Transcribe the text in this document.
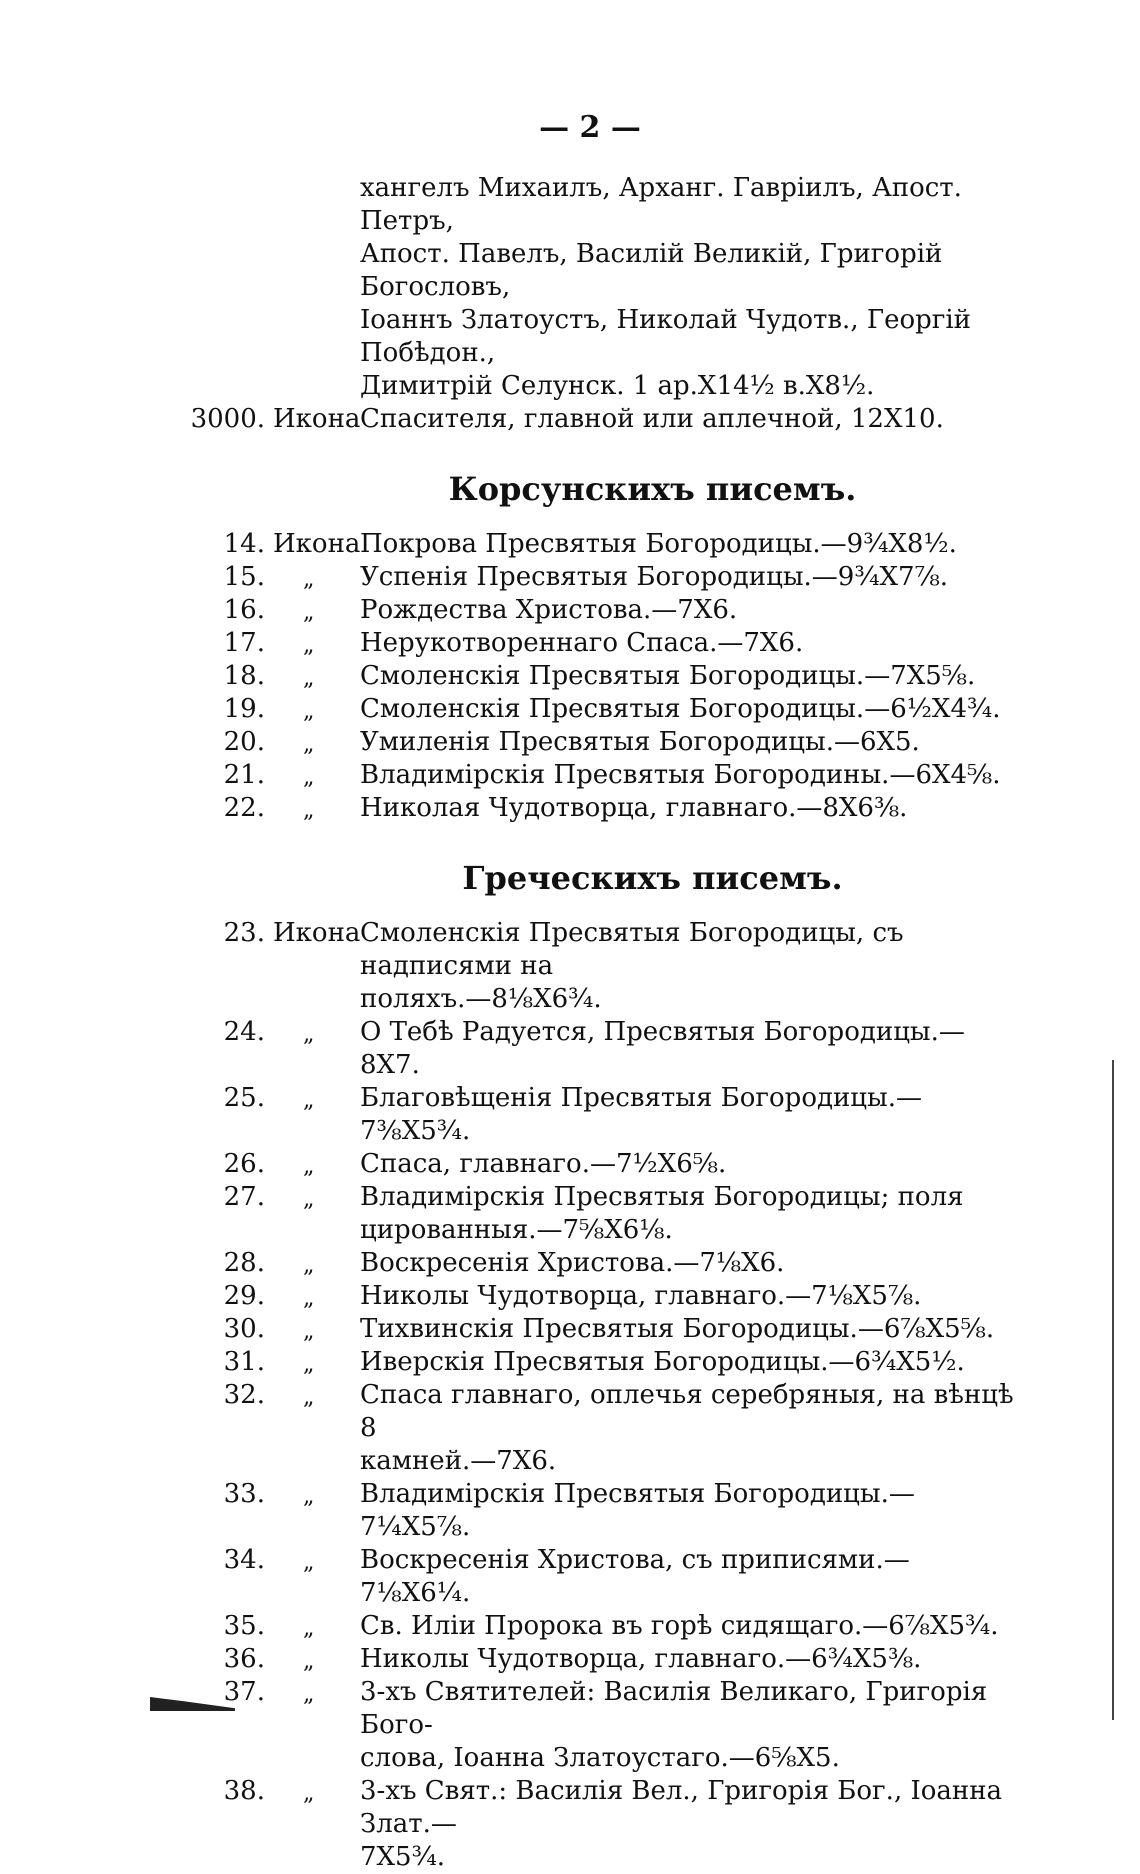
— 2 —
хангелъ Михаилъ, Арханг. Гавріилъ, Апост. Петръ,
Апост. Павелъ, Василій Великій, Григорій Богословъ,
Іоаннъ Златоустъ, Николай Чудотв., Георгій Побѣдон.,
Димитрій Селунск. 1 ар.X14½ в.X8½.
3000. Икона Спасителя, главной или аплечной, 12X10.
Корсунскихъ писемъ.
14. Икона Покрова Пресвятыя Богородицы.—9¾X8½.
15. „ Успенія Пресвятыя Богородицы.—9¾X7⅞.
16. „ Рождества Христова.—7X6.
17. „ Нерукотвореннаго Спаса.—7X6.
18. „ Смоленскія Пресвятыя Богородицы.—7X5⅝.
19. „ Смоленскія Пресвятыя Богородицы.—6½X4¾.
20. „ Умиленія Пресвятыя Богородицы.—6X5.
21. „ Владимірскія Пресвятыя Богородины.—6X4⅝.
22. „ Николая Чудотворца, главнаго.—8X6⅜.
Греческихъ писемъ.
23. Икона Смоленскія Пресвятыя Богородицы, съ надписями на
поляхъ.—8⅛X6¾.
24. „ О Тебѣ Радуется, Пресвятыя Богородицы.—8X7.
25. „ Благовѣщенія Пресвятыя Богородицы.—7⅜X5¾.
26. „ Спаса, главнаго.—7½X6⅝.
27. „ Владимірскія Пресвятыя Богородицы; поля цированныя.—7⅝X6⅛.
28. „ Воскресенія Христова.—7⅛X6.
29. „ Николы Чудотворца, главнаго.—7⅛X5⅞.
30. „ Тихвинскія Пресвятыя Богородицы.—6⅞X5⅝.
31. „ Иверскія Пресвятыя Богородицы.—6¾X5½.
32. „ Спаса главнаго, оплечья серебряныя, на вѣнцѣ 8
камней.—7X6.
33. „ Владимірскія Пресвятыя Богородицы.—7¼X5⅞.
34. „ Воскресенія Христова, съ приписями.—7⅛X6¼.
35. „ Св. Иліи Пророка въ горѣ сидящаго.—6⅞X5¾.
36. „ Николы Чудотворца, главнаго.—6¾X5⅜.
37. „ 3-хъ Святителей: Василія Великаго, Григорія Бого-
слова, Іоанна Златоустаго.—6⅝X5.
38. „ 3-хъ Свят.: Василія Вел., Григорія Бог., Іоанна Злат.—
7X5¾.
